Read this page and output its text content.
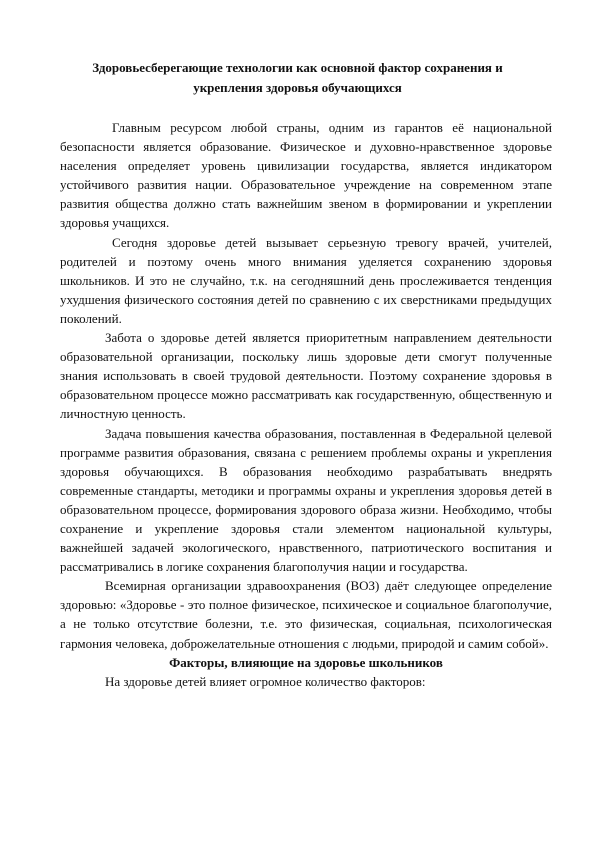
Здоровьесберегающие технологии как основной фактор сохранения и
укрепления здоровья обучающихся

Главным ресурсом любой страны, одним из гарантов её национальной безопасности является образование. Физическое и духовно-нравственное здоровье населения определяет уровень цивилизации государства, является индикатором устойчивого развития нации. Образовательное учреждение на современном этапе развития общества должно стать важнейшим звеном в формировании и укреплении здоровья учащихся.

Сегодня здоровье детей вызывает серьезную тревогу врачей, учителей, родителей и поэтому очень много внимания уделяется сохранению здоровья школьников. И это не случайно, т.к. на сегодняшний день прослеживается тенденция ухудшения физического состояния детей по сравнению с их сверстниками предыдущих поколений.

Забота о здоровье детей является приоритетным направлением деятельности образовательной организации, поскольку лишь здоровые дети смогут полученные знания использовать в своей трудовой деятельности. Поэтому сохранение здоровья в образовательном процессе можно рассматривать как государственную, общественную и личностную ценность.

Задача повышения качества образования, поставленная в Федеральной целевой программе развития образования, связана с решением проблемы охраны и укрепления здоровья обучающихся. В образования необходимо разрабатывать внедрять современные стандарты, методики и программы охраны и укрепления здоровья детей в образовательном процессе, формирования здорового образа жизни. Необходимо, чтобы сохранение и укрепление здоровья стали элементом национальной культуры, важнейшей задачей экологического, нравственного, патриотического воспитания и рассматривались в логике сохранения благополучия нации и государства.

Всемирная организации здравоохранения (ВОЗ) даёт следующее определение здоровью: «Здоровье - это полное физическое, психическое и социальное благополучие, а не только отсутствие болезни, т.е. это физическая, социальная, психологическая гармония человека, доброжелательные отношения с людьми, природой и самим собой».

Факторы, влияющие на здоровье школьников

На здоровье детей влияет огромное количество факторов:
